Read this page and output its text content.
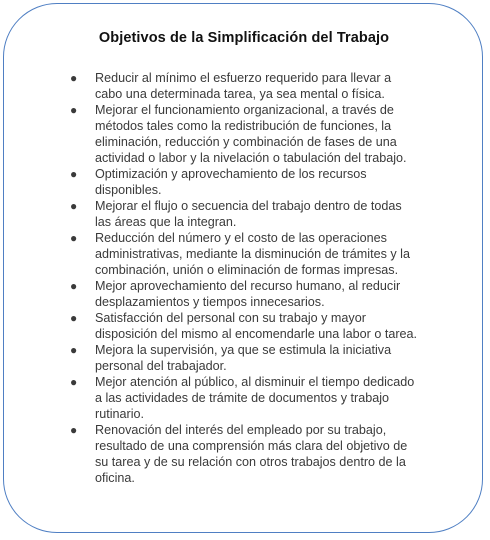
Objetivos de la Simplificación del Trabajo
● Reducir al mínimo el esfuerzo requerido para llevar a cabo una determinada tarea, ya sea mental o física.
● Mejorar el funcionamiento organizacional, a través de métodos tales como la redistribución de funciones, la eliminación, reducción y combinación de fases de una actividad o labor y la nivelación o tabulación del trabajo.
● Optimización y aprovechamiento de los recursos disponibles.
● Mejorar el flujo o secuencia del trabajo dentro de todas las áreas que la integran.
● Reducción del número y el costo de las operaciones administrativas, mediante la disminución de trámites y la combinación, unión o eliminación de formas impresas.
● Mejor aprovechamiento del recurso humano, al reducir desplazamientos y tiempos innecesarios.
● Satisfacción del personal con su trabajo y mayor disposición del mismo al encomendarle una labor o tarea.
● Mejora la supervisión, ya que se estimula la iniciativa personal del trabajador.
● Mejor atención al público, al disminuir el tiempo dedicado a las actividades de trámite de documentos y trabajo rutinario.
● Renovación del interés del empleado por su trabajo, resultado de una comprensión más clara del objetivo de su tarea y de su relación con otros trabajos dentro de la oficina.
